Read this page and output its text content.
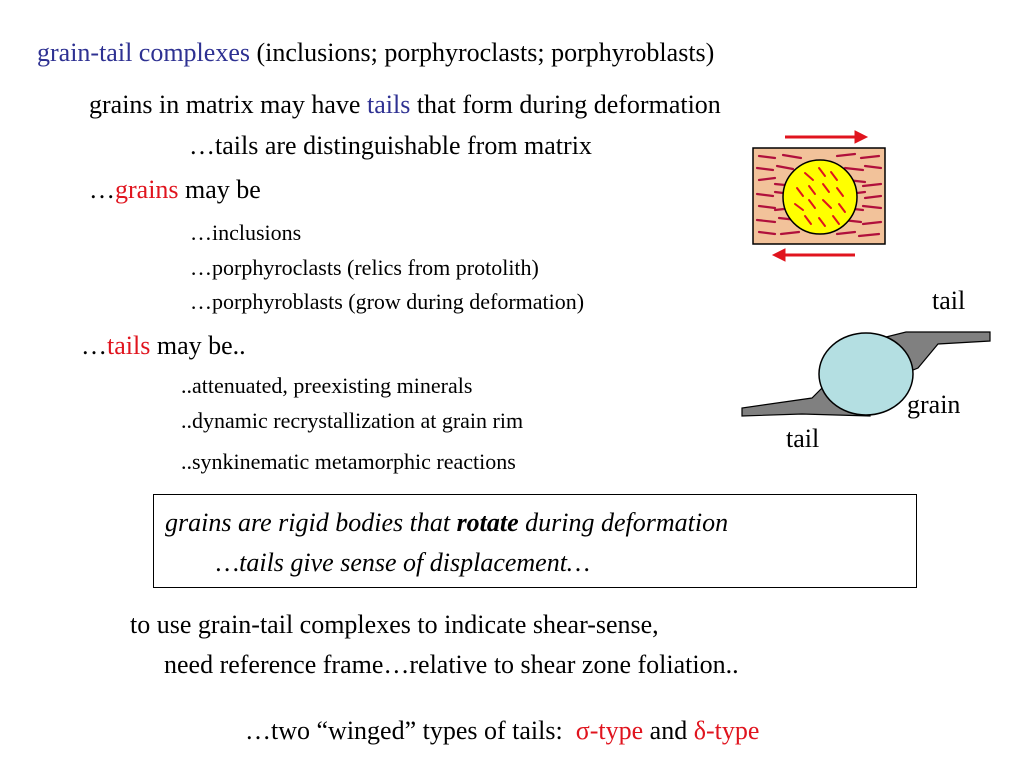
grain-tail complexes (inclusions; porphyroclasts; porphyroblasts)
grains in matrix may have tails that form during deformation
…tails are distinguishable from matrix
…grains may be
…inclusions
…porphyroclasts (relics from protolith)
…porphyroblasts (grow during deformation)
…tails may be..
..attenuated, preexisting minerals
..dynamic recrystallization at grain rim
..synkinematic metamorphic reactions
grains are rigid bodies that rotate during deformation
…tails give sense of displacement…
to use grain-tail complexes to indicate shear-sense,
need reference frame…relative to shear zone foliation..

…two “winged” types of tails:  σ-type and δ-type

tail
grain
tail
